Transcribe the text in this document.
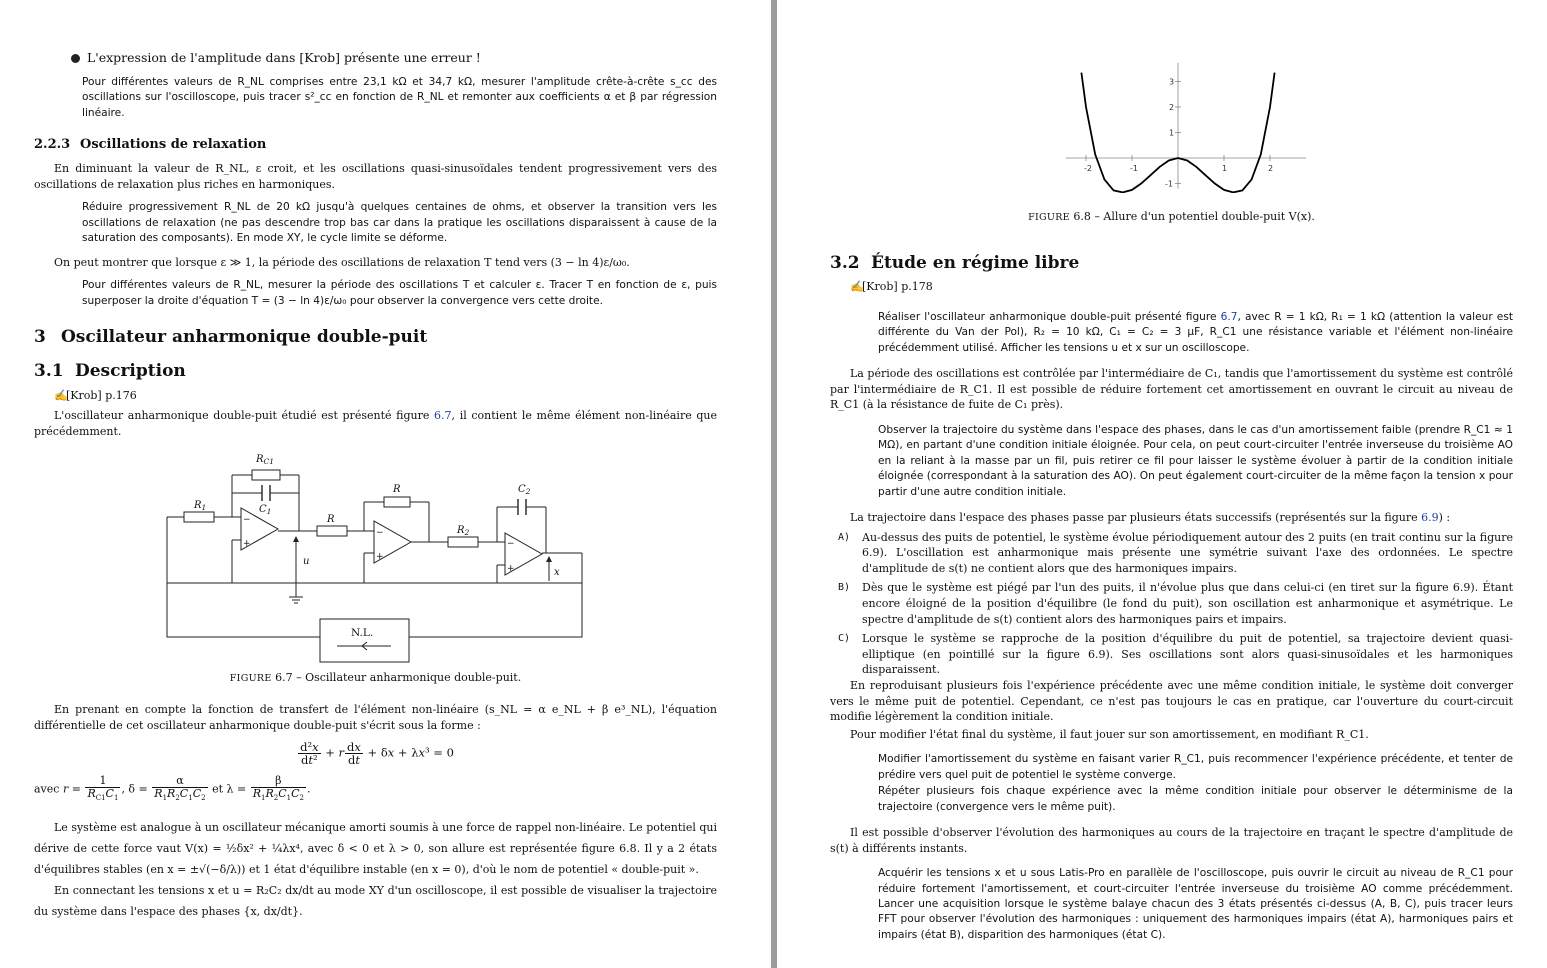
L'expression de l'amplitude dans [Krob] présente une erreur !

Pour différentes valeurs de R_NL comprises entre 23,1 kΩ et 34,7 kΩ, mesurer l'amplitude crête-à-crête s_cc des oscillations sur l'oscilloscope, puis tracer s²_cc en fonction de R_NL et remonter aux coefficients α et β par régression linéaire.

2.2.3 Oscillations de relaxation

En diminuant la valeur de R_NL, ε croit, et les oscillations quasi-sinusoïdales tendent progressivement vers des oscillations de relaxation plus riches en harmoniques.

Réduire progressivement R_NL de 20 kΩ jusqu'à quelques centaines de ohms, et observer la transition vers les oscillations de relaxation (ne pas descendre trop bas car dans la pratique les oscillations disparaissent à cause de la saturation des composants). En mode XY, le cycle limite se déforme.

On peut montrer que lorsque ε ≫ 1, la période des oscillations de relaxation T tend vers (3 − ln 4)ε/ω₀.

Pour différentes valeurs de R_NL, mesurer la période des oscillations T et calculer ε. Tracer T en fonction de ε, puis superposer la droite d'équation T = (3 − ln 4)ε/ω₀ pour observer la convergence vers cette droite.

3 Oscillateur anharmonique double-puit
3.1 Description
✍[Krob] p.176

L'oscillateur anharmonique double-puit étudié est présenté figure 6.7, il contient le même élément non-linéaire que précédemment.

$R_{C1}$
$C_1$
$R_1$
R
R
$R_2$
$C_2$
u
x
N.L.
−
+
−
+
−
+
FIGURE 6.7 – Oscillateur anharmonique double-puit.

En prenant en compte la fonction de transfert de l'élément non-linéaire (s_NL = α e_NL + β e³_NL), l'équation différentielle de cet oscillateur anharmonique double-puit s'écrit sous la forme :

$\frac{\text{d²x}}{\text{dt²}} + r \frac{dx}{dt} + \delta x + \lambda x^3 = 0$
avec $r = \frac{1}{R_{C1}C_1}$ , $\delta = \frac{\alpha}{R_1R_2C_1C_2}$ et $\lambda = \frac{\beta}{R_1R_2C_1C_2}$ .

Le système est analogue à un oscillateur mécanique amorti soumis à une force de rappel non-linéaire. Le potentiel qui dérive de cette force vaut V(x) = ½δx² + ¼λx⁴, avec δ < 0 et λ > 0, son allure est représentée figure 6.8. Il y a 2 états d'équilibres stables (en x = ±√(−δ/λ)) et 1 état d'équilibre instable (en x = 0), d'où le nom de potentiel « double-puit ».

En connectant les tensions x et u = R₂C₂ dx/dt au mode XY d'un oscilloscope, il est possible de visualiser la trajectoire du système dans l'espace des phases {x, dx/dt}.

-2	-1	1	2
-1
1
2
3
FIGURE 6.8 – Allure d'un potentiel double-puit V(x).
3.2 Étude en régime libre
✍[Krob] p.178

Réaliser l'oscillateur anharmonique double-puit présenté figure 6.7, avec R = 1 kΩ, R₁ = 1 kΩ (attention la valeur est différente du Van der Pol), R₂ = 10 kΩ, C₁ = C₂ = 3 μF, R_C1 une résistance variable et l'élément non-linéaire précédemment utilisé. Afficher les tensions u et x sur un oscilloscope.

La période des oscillations est contrôlée par l'intermédiaire de C₁, tandis que l'amortissement du système est contrôlé par l'intermédiaire de R_C1. Il est possible de réduire fortement cet amortissement en ouvrant le circuit au niveau de R_C1 (à la résistance de fuite de C₁ près).

Observer la trajectoire du système dans l'espace des phases, dans le cas d'un amortissement faible (prendre R_C1 ≈ 1 MΩ), en partant d'une condition initiale éloignée. Pour cela, on peut court-circuiter l'entrée inverseuse du troisième AO en la reliant à la masse par un fil, puis retirer ce fil pour laisser le système évoluer à partir de la condition initiale éloignée (correspondant à la saturation des AO). On peut également court-circuiter de la même façon la tension x pour partir d'une autre condition initiale.

La trajectoire dans l'espace des phases passe par plusieurs états successifs (représentés sur la figure 6.9) :

A) Au-dessus des puits de potentiel, le système évolue périodiquement autour des 2 puits (en trait continu sur la figure 6.9). L'oscillation est anharmonique mais présente une symétrie suivant l'axe des ordonnées. Le spectre d'amplitude de s(t) ne contient alors que des harmoniques impairs.
B) Dès que le système est piégé par l'un des puits, il n'évolue plus que dans celui-ci (en tiret sur la figure 6.9). Étant encore éloigné de la position d'équilibre (le fond du puit), son oscillation est anharmonique et asymétrique. Le spectre d'amplitude de s(t) contient alors des harmoniques pairs et impairs.
C) Lorsque le système se rapproche de la position d'équilibre du puit de potentiel, sa trajectoire devient quasi-elliptique (en pointillé sur la figure 6.9). Ses oscillations sont alors quasi-sinusoïdales et les harmoniques disparaissent.

En reproduisant plusieurs fois l'expérience précédente avec une même condition initiale, le système doit converger vers le même puit de potentiel. Cependant, ce n'est pas toujours le cas en pratique, car l'ouverture du court-circuit modifie légèrement la condition initiale.

Pour modifier l'état final du système, il faut jouer sur son amortissement, en modifiant R_C1.

Modifier l'amortissement du système en faisant varier R_C1, puis recommencer l'expérience précédente, et tenter de prédire vers quel puit de potentiel le système converge.

Répéter plusieurs fois chaque expérience avec la même condition initiale pour observer le déterminisme de la trajectoire (convergence vers le même puit).

Il est possible d'observer l'évolution des harmoniques au cours de la trajectoire en traçant le spectre d'amplitude de s(t) à différents instants.

Acquérir les tensions x et u sous Latis-Pro en parallèle de l'oscilloscope, puis ouvrir le circuit au niveau de R_C1 pour réduire fortement l'amortissement, et court-circuiter l'entrée inverseuse du troisième AO comme précédemment. Lancer une acquisition lorsque le système balaye chacun des 3 états présentés ci-dessus (A, B, C), puis tracer leurs FFT pour observer l'évolution des harmoniques : uniquement des harmoniques impairs (état A), harmoniques pairs et impairs (état B), disparition des harmoniques (état C).
